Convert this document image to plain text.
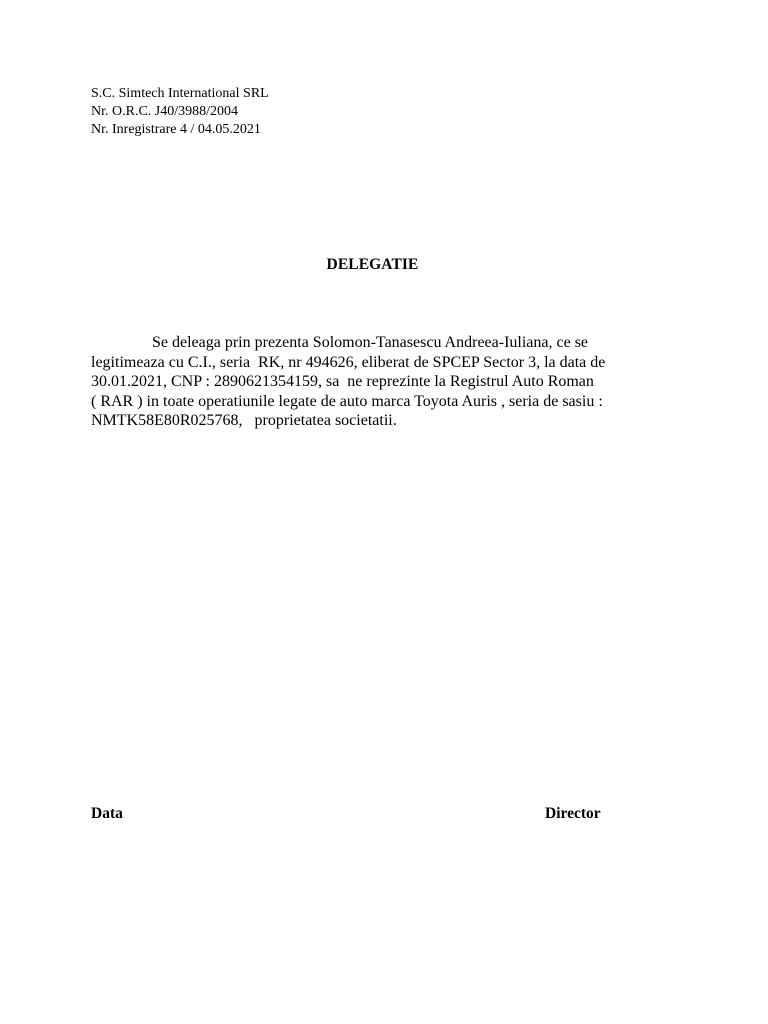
S.C. Simtech International SRL
Nr. O.R.C. J40/3988/2004
Nr. Inregistrare 4 / 04.05.2021
DELEGATIE
Se deleaga prin prezenta Solomon-Tanasescu Andreea-Iuliana, ce se
legitimeaza cu C.I., seria  RK, nr 494626, eliberat de SPCEP Sector 3, la data de
30.01.2021, CNP : 2890621354159, sa  ne reprezinte la Registrul Auto Roman
( RAR ) in toate operatiunile legate de auto marca Toyota Auris , seria de sasiu :
NMTK58E80R025768,   proprietatea societatii.
Data	Director
